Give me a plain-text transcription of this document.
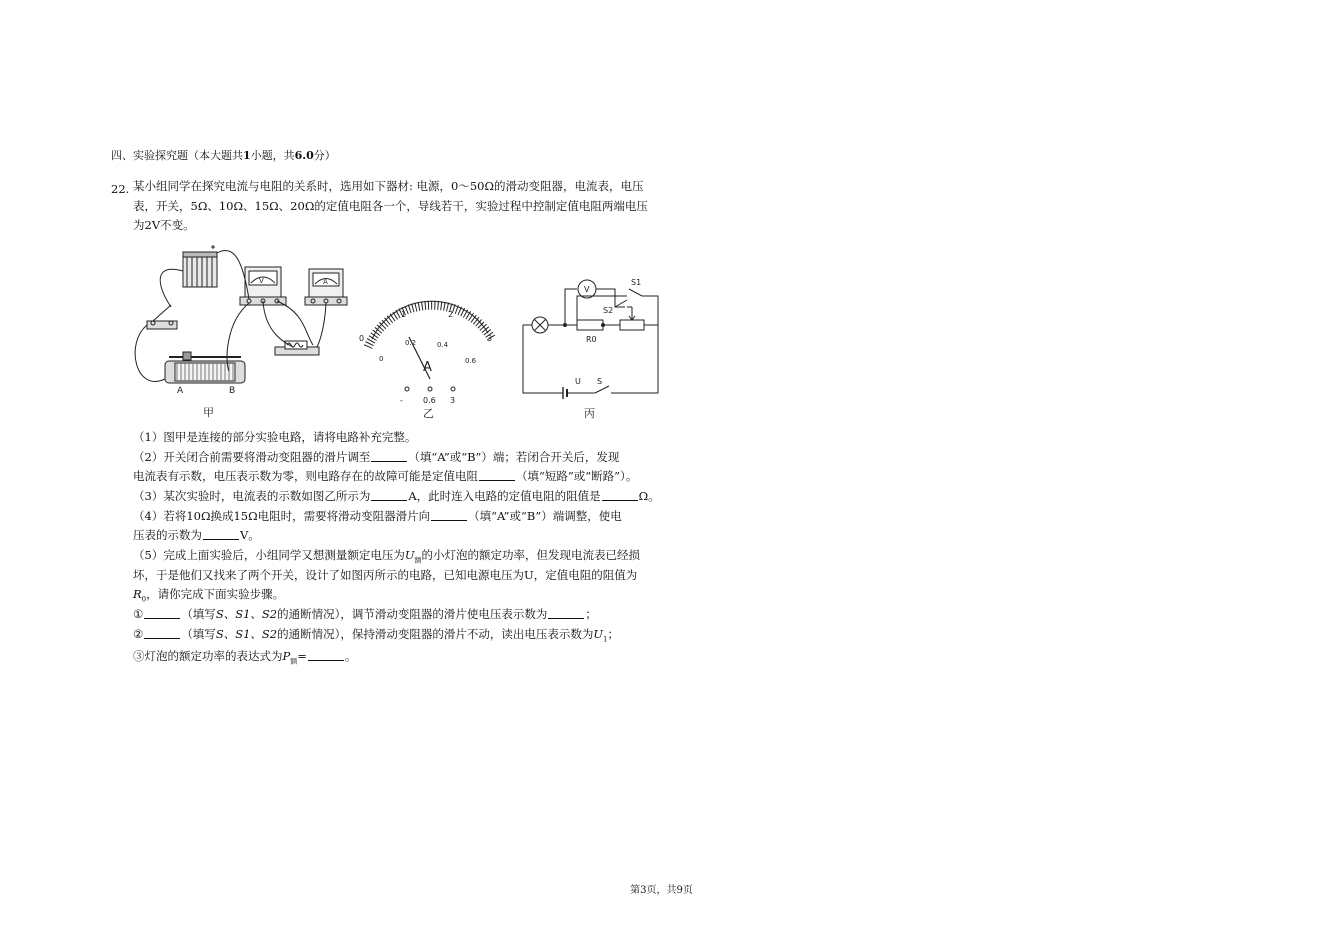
四、实验探究题（本大题共1小题，共6.0分）
22. 某小组同学在探究电流与电阻的关系时，选用如下器材: 电源，0～50Ω的滑动变阻器，电流表，电压
表，开关，5Ω、10Ω、15Ω、20Ω的定值电阻各一个，导线若干，实验过程中控制定值电阻两端电压
为2V不变。
A	B
V	A
甲
0
1	2
3
0
0.2	0.4
0.6
A
-	0.6 3
乙
V
S1
S2
R0
U S
丙
（1）图甲是连接的部分实验电路，请将电路补充完整。
（2）开关闭合前需要将滑动变阻器的滑片调至	（填“A”或“B”）端；若闭合开关后，发现
电流表有示数，电压表示数为零，则电路存在的故障可能是定值电阻	（填“短路”或“断路”）。
（3）某次实验时，电流表的示数如图乙所示为	A，此时连入电路的定值电阻的阻值是	Ω。
（4）若将10Ω换成15Ω电阻时，需要将滑动变阻器滑片向	（填“A”或“B”）端调整，使电
压表的示数为	V。
（5）完成上面实验后，小组同学又想测量额定电压为$U_额$的小灯泡的额定功率，但发现电流表已经损
坏，于是他们又找来了两个开关，设计了如图丙所示的电路，已知电源电压为U，定值电阻的阻值为
$R_0$，请你完成下面实验步骤。
①	（填写S、S1、S2的通断情况），调节滑动变阻器的滑片使电压表示数为	；
②	（填写S、S1、S2的通断情况），保持滑动变阻器的滑片不动，读出电压表示数为$U_1$；
③灯泡的额定功率的表达式为$P_额=$	。
第3页，共9页
